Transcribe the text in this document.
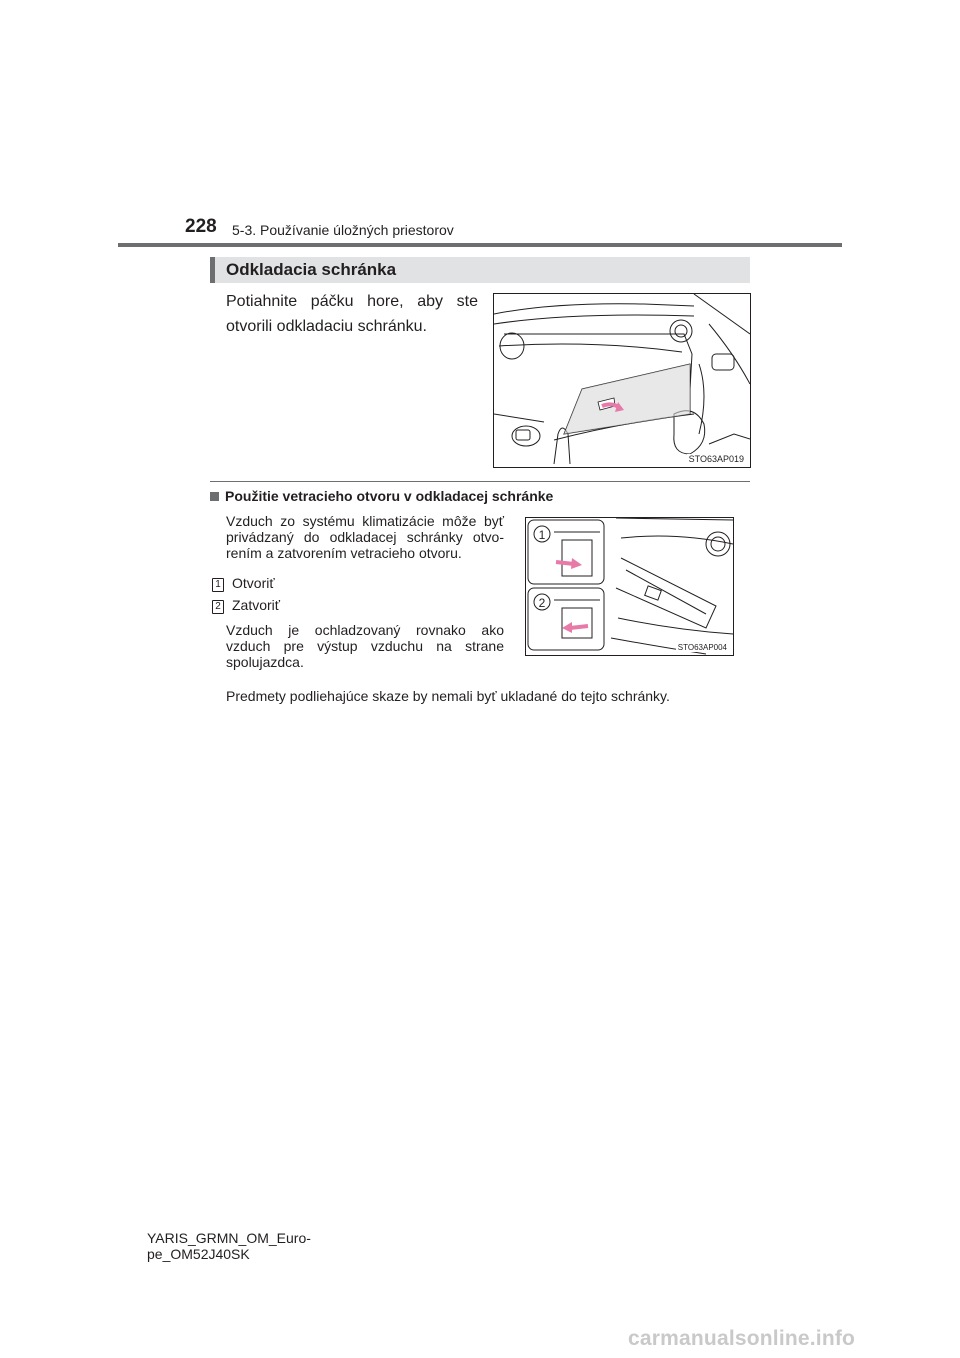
228 5-3. Používanie úložných priestorov
Odkladacia schránka
Potiahnite páčku hore, aby ste otvorili odkladaciu schránku.
STO63AP019
Použitie vetracieho otvoru v odkladacej schránke
Vzduch zo systému klimatizácie môže byť privádzaný do odkladacej schránky otvo-rením a zatvorením vetracieho otvoru.
1 Otvoriť
2 Zatvoriť
Vzduch je ochladzovaný rovnako ako vzduch pre výstup vzduchu na strane spolujazdca.
Predmety podliehajúce skaze by nemali byť ukladané do tejto schránky.
1
2
STO63AP004
YARIS_GRMN_OM_Euro-
pe_OM52J40SK
carmanualsonline.info
